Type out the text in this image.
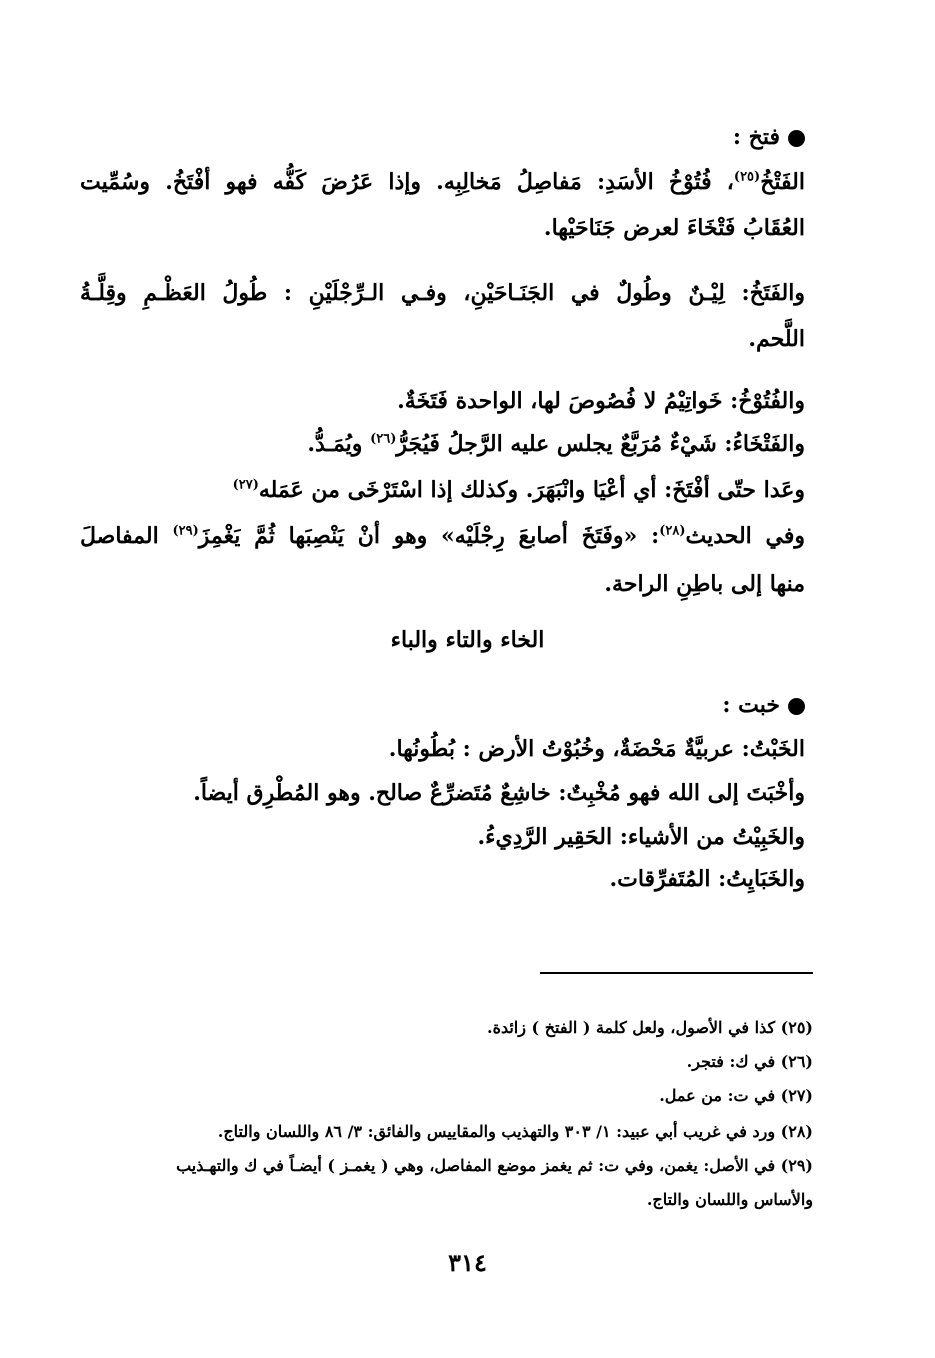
فتخ :
الفَتْخُ$^{(٢٥)}$، فُتُوْخُ الأسَدِ: مَفاصِلُ مَخالِبِه. وإذا عَرُضَ كَفُّه فهو أفْتَخُ. وسُمِّيت
العُقَابُ فَتْخَاءَ لعرض جَنَاحَيْها.
والفَتَخُ: لِيْـنٌ وطُولٌ في الجَنَـاحَيْنِ، وفـي الـرِّجْلَيْنِ : طُولُ العَظْـمِ وقِلَّـةُ
اللَّحم.
والفُتُوْخُ: خَواتِيْمُ لا فُصُوصَ لها، الواحدة فَتَخَةٌ.
والفَتْخَاءُ: شَيْءٌ مُرَبَّعٌ يجلس عليه الرَّجلُ فَيُجَرُّ$^{(٢٦)}$ ويُمَـدُّ.
وعَدا حتّى أفْتَخَ: أي أعْيَا وانْبَهَرَ. وكذلك إذا اسْتَرْخَى من عَمَله$^{(٢٧)}$
وفي الحديث$^{(٢٨)}$: «وفَتَخَ أصابعَ رِجْلَيْه» وهو أنْ يَنْصِبَها ثُمَّ يَغْمِزَ$^{(٢٩)}$ المفاصلَ
منها إلى باطِنِ الراحة.
الخاء والتاء والباء
خبت :
الخَبْتُ: عربيَّةٌ مَحْضَةٌ، وخُبُوْتُ الأرض : بُطُونُها.
وأخْبَتَ إلى الله فهو مُخْبِتٌ: خاشِعٌ مُتَضرِّعٌ صالح. وهو المُطْرِق أيضاً.
والخَبِيْتُ من الأشياء: الحَقِير الرَّدِيءُ.
والخَبَايِتُ: المُتَفرِّقات.
(٢٥) كذا في الأصول، ولعل كلمة ( الفتخ ) زائدة.
(٢٦) في ك: فتجر.
(٢٧) في ت: من عمل.
(٢٨) ورد في غريب أبي عبيد: ١/ ٣٠٣ والتهذيب والمقاييس والفائق: ٣/ ٨٦ واللسان والتاج.
(٢٩) في الأصل: يغمن، وفي ت: ثم يغمز موضع المفاصل، وهي ( يغمـز ) أيضـاً في ك والتهـذيب
والأساس واللسان والتاج.
٣١٤
